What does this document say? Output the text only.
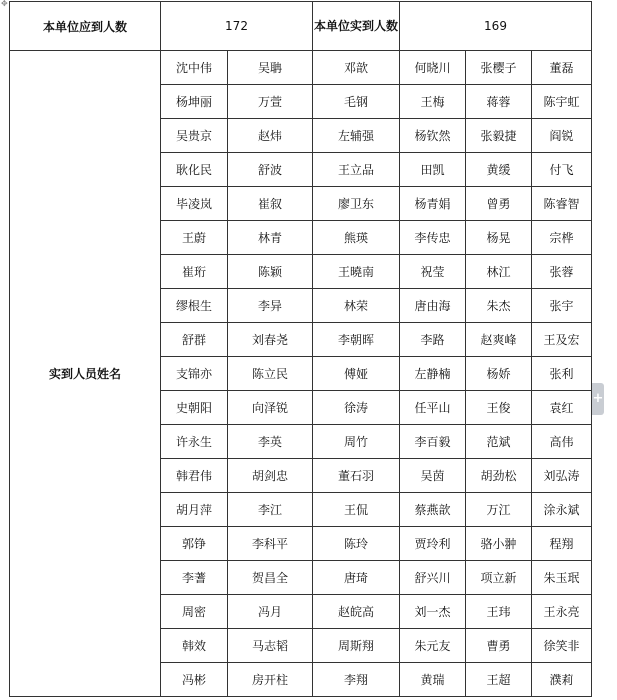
✥
本单位应到人数	172		本单位实到人数	169		
实到人员姓名	沈中伟	吴聃	邓歆	何晓川	张樱子	董磊
	杨坤丽	万萱	毛钢	王梅	蒋蓉	陈宇虹
	吴贵京	赵炜	左辅强	杨钦然	张毅捷	阎锐
	耿化民	舒波	王立品	田凯	黄缓	付飞
	毕凌岚	崔叙	廖卫东	杨青娟	曾勇	陈睿智
	王蔚	林青	熊瑛	李传忠	杨晃	宗桦
	崔珩	陈颖	王曉南	祝莹	林江	张蓉
	缪根生	李异	林荣	唐由海	朱杰	张宇
	舒群	刘春尧	李朝晖	李路	赵爽峰	王及宏
	支锦亦	陈立民	傅娅	左静楠	杨娇	张利
	史朝阳	向泽锐	徐涛	任平山	王俊	袁红
	许永生	李英	周竹	李百毅	范斌	高伟
	韩君伟	胡剑忠	董石羽	吴茵	胡劲松	刘弘涛
	胡月萍	李江	王侃	蔡燕歆	万江	涂永斌
	郭铮	李科平	陈玲	贾玲利	骆小翀	程翔
	李蓍	贺昌全	唐琦	舒兴川	项立新	朱玉珉
	周密	冯月	赵皖高	刘一杰	王玮	王永亮
	韩效	马志韬	周斯翔	朱元友	曹勇	徐笑非
	冯彬	房开柱	李翔	黄瑞	王超	濮莉
+
